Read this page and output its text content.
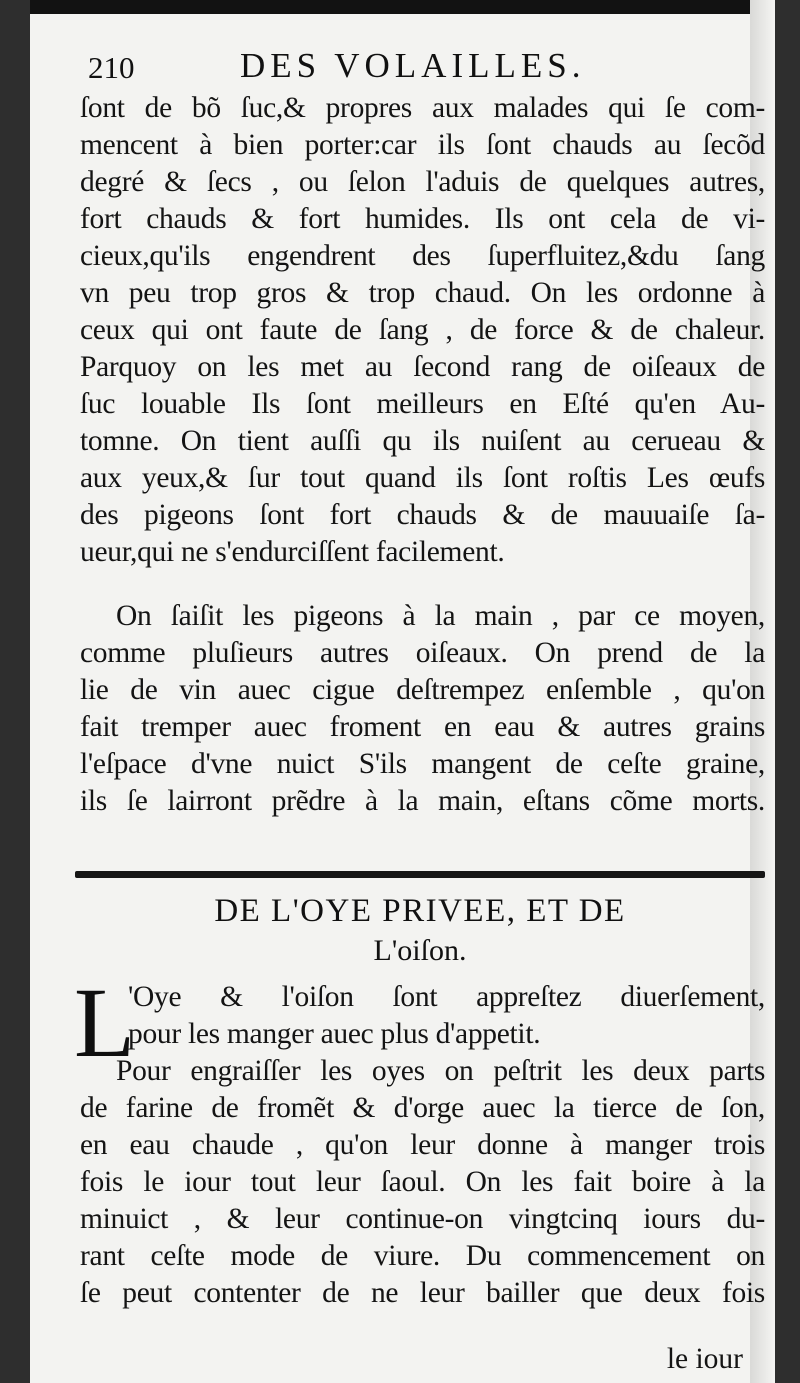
210	DES VOLAILLES.
ſont de bõ ſuc,& propres aux malades qui ſe com-
mencent à bien porter:car ils ſont chauds au ſecõd
degré & ſecs , ou ſelon l'aduis de quelques autres,
fort chauds & fort humides. Ils ont cela de vi-
cieux,qu'ils engendrent des ſuperfluitez,&du ſang
vn peu trop gros & trop chaud. On les ordonne à
ceux qui ont faute de ſang , de force & de chaleur.
Parquoy on les met au ſecond rang de oiſeaux de
ſuc louable Ils ſont meilleurs en Eſté qu'en Au-
tomne. On tient auſſi qu ils nuiſent au cerueau &
aux yeux,& ſur tout quand ils ſont roſtis Les œufs
des pigeons ſont fort chauds & de mauuaiſe ſa-
ueur,qui ne s'endurciſſent facilement.
On ſaiſit les pigeons à la main , par ce moyen,
comme pluſieurs autres oiſeaux. On prend de la
lie de vin auec cigue deſtrempez enſemble , qu'on
fait tremper auec froment en eau & autres grains
l'eſpace d'vne nuict S'ils mangent de ceſte graine,
ils ſe lairront prẽdre à la main, eſtans cõme morts.
DE L'OYE PRIVEE, ET DE
L'oiſon.
L
'Oye & l'oiſon ſont appreſtez diuerſement,
pour les manger auec plus d'appetit.
Pour engraiſſer les oyes on peſtrit les deux parts
de farine de fromẽt & d'orge auec la tierce de ſon,
en eau chaude , qu'on leur donne à manger trois
fois le iour tout leur ſaoul. On les fait boire à la
minuict , & leur continue-on vingtcinq iours du-
rant ceſte mode de viure. Du commencement on
ſe peut contenter de ne leur bailler que deux fois
le iour
